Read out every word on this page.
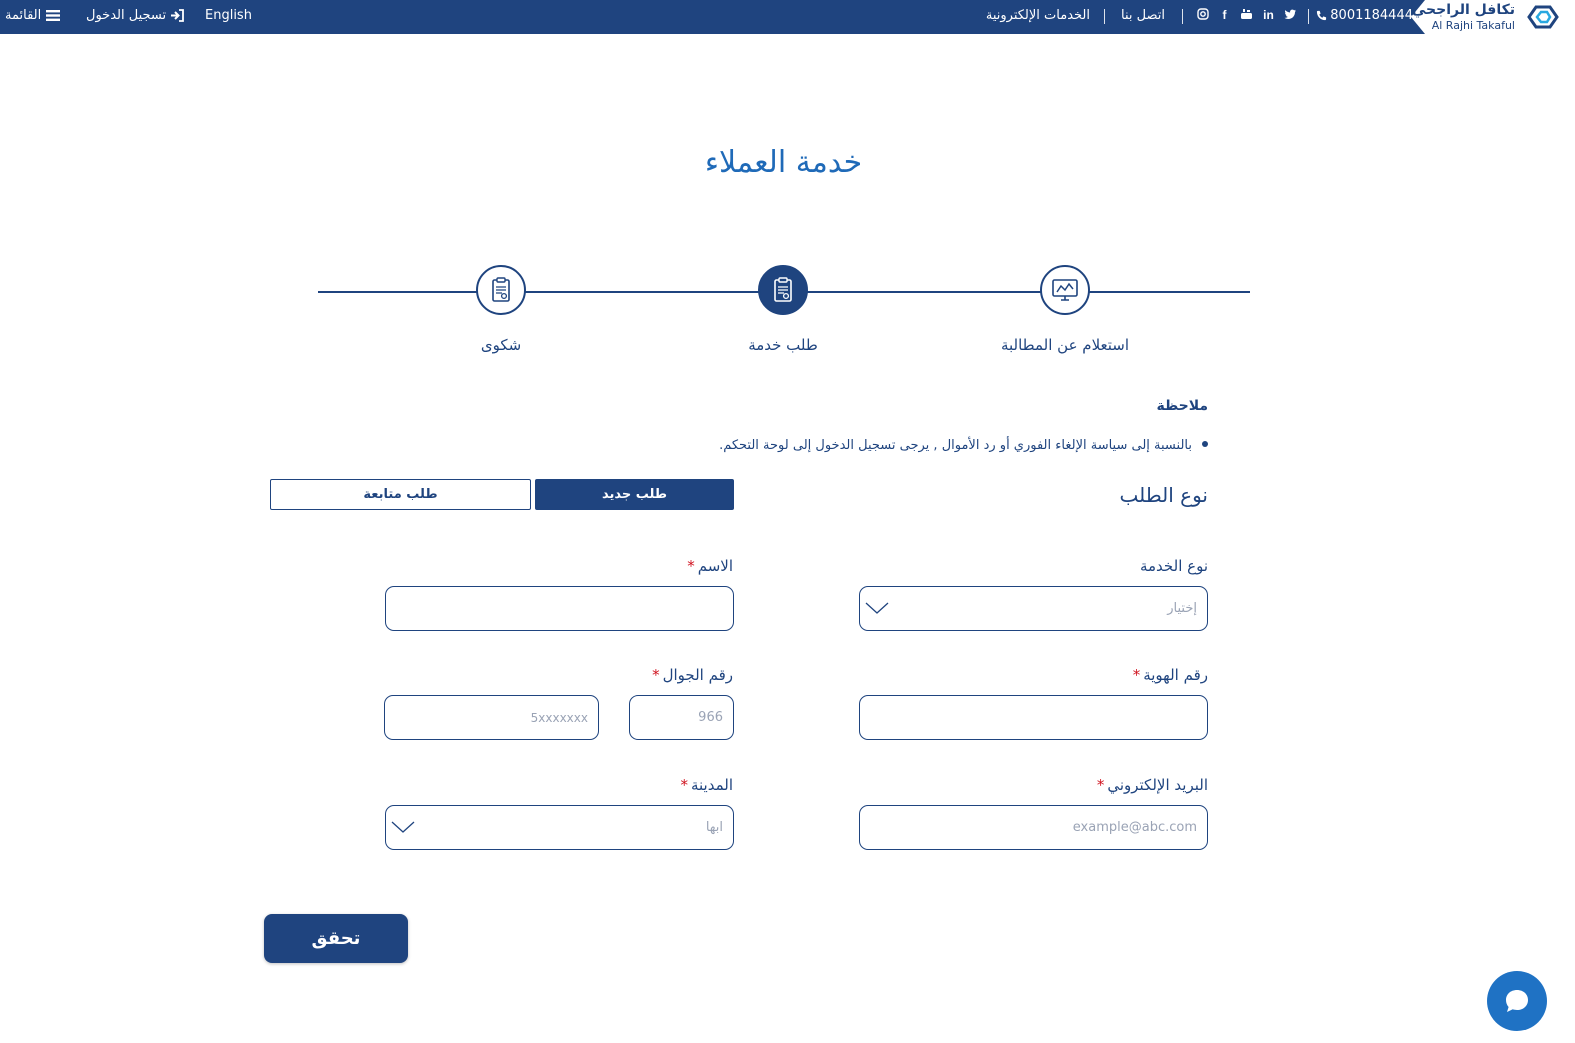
تكافل الراجحي
Al Rajhi Takaful
8001184444
f	in
اتصل بنا
الخدمات الإلكترونية
English
تسجيل الدخول
القائمة
خدمة العملاء
استعلام عن المطالبة
طلب خدمة
شكوى
ملاحظة
بالنسبة إلى سياسة الإلغاء الفوري أو رد الأموال , يرجى تسجيل الدخول إلى لوحة التحكم.
نوع الطلب
طلب جديد
طلب متابعة
نوع الخدمة
إختيار
الاسم*
رقم الهوية*
رقم الجوال*
966
5xxxxxxx
البريد الإلكتروني*
example@abc.com
المدينة*
ابها
تحقق
